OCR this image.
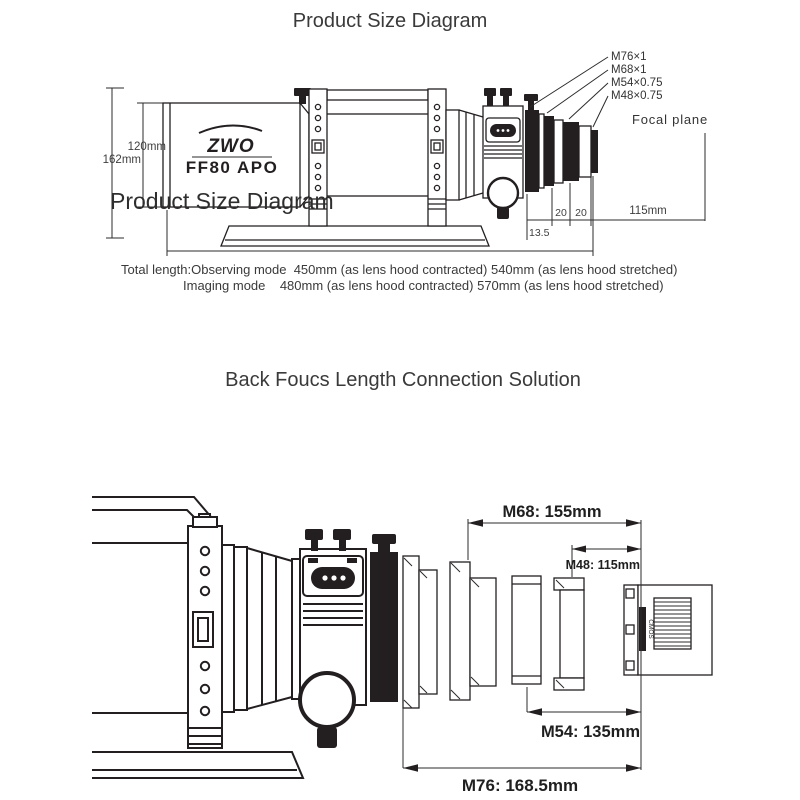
Product Size Diagram
ZWO
FF80 APO
M76×1
M68×1
M54×0.75
M48×0.75
Focal plane
13.5
20 20	115mm
120mm
162mm
Product Size Diagram
Total length:Observing mode  450mm (as lens hood contracted) 540mm (as lens hood stretched)
Imaging mode    480mm (as lens hood contracted) 570mm (as lens hood stretched)
Back Foucs Length Connection Solution
CMOS
M68: 155mm
M48: 115mm
M54: 135mm
M76: 168.5mm
